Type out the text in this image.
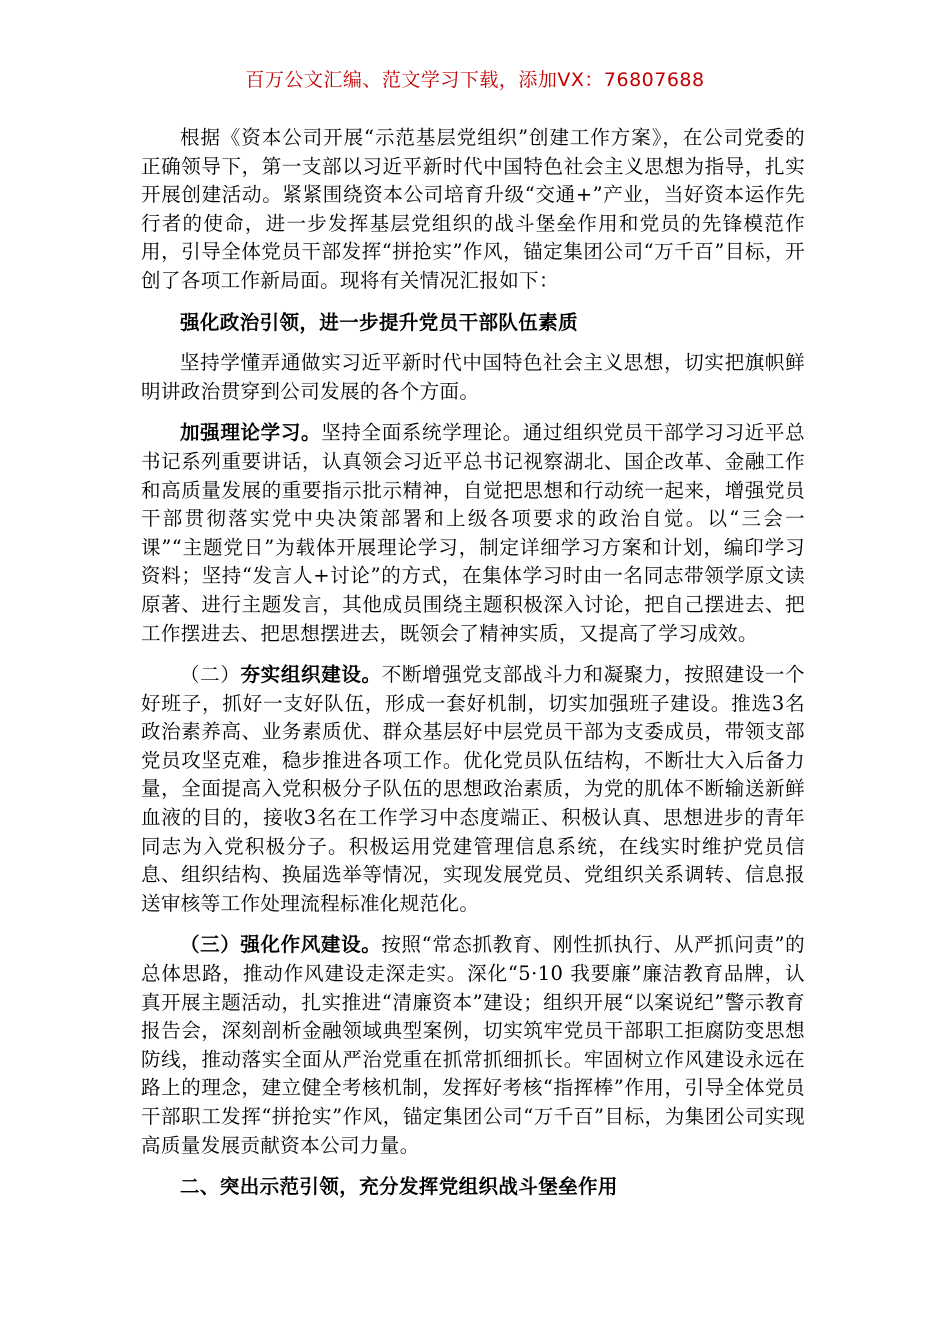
百万公文汇编、范文学习下载，添加VX：76807688

根据《资本公司开展“示范基层党组织”创建工作方案》，在公司党委的正确领导下，第一支部以习近平新时代中国特色社会主义思想为指导，扎实开展创建活动。紧紧围绕资本公司培育升级“交通+”产业，当好资本运作先行者的使命，进一步发挥基层党组织的战斗堡垒作用和党员的先锋模范作用，引导全体党员干部发挥“拼抢实”作风，锚定集团公司“万千百”目标，开创了各项工作新局面。现将有关情况汇报如下：

强化政治引领，进一步提升党员干部队伍素质

坚持学懂弄通做实习近平新时代中国特色社会主义思想，切实把旗帜鲜明讲政治贯穿到公司发展的各个方面。

加强理论学习。坚持全面系统学理论。通过组织党员干部学习习近平总书记系列重要讲话，认真领会习近平总书记视察湖北、国企改革、金融工作和高质量发展的重要指示批示精神，自觉把思想和行动统一起来，增强党员干部贯彻落实党中央决策部署和上级各项要求的政治自觉。以“三会一课”“主题党日”为载体开展理论学习，制定详细学习方案和计划，编印学习资料；坚持“发言人+讨论”的方式，在集体学习时由一名同志带领学原文读原著、进行主题发言，其他成员围绕主题积极深入讨论，把自己摆进去、把工作摆进去、把思想摆进去，既领会了精神实质，又提高了学习成效。

（二）夯实组织建设。不断增强党支部战斗力和凝聚力，按照建设一个好班子，抓好一支好队伍，形成一套好机制，切实加强班子建设。推选3名政治素养高、业务素质优、群众基层好中层党员干部为支委成员，带领支部党员攻坚克难，稳步推进各项工作。优化党员队伍结构，不断壮大入后备力量，全面提高入党积极分子队伍的思想政治素质，为党的肌体不断输送新鲜血液的目的，接收3名在工作学习中态度端正、积极认真、思想进步的青年同志为入党积极分子。积极运用党建管理信息系统，在线实时维护党员信息、组织结构、换届选举等情况，实现发展党员、党组织关系调转、信息报送审核等工作处理流程标准化规范化。

（三）强化作风建设。按照“常态抓教育、刚性抓执行、从严抓问责”的总体思路，推动作风建设走深走实。深化“5·10 我要廉”廉洁教育品牌，认真开展主题活动，扎实推进“清廉资本”建设；组织开展“以案说纪”警示教育报告会，深刻剖析金融领域典型案例，切实筑牢党员干部职工拒腐防变思想防线，推动落实全面从严治党重在抓常抓细抓长。牢固树立作风建设永远在路上的理念，建立健全考核机制，发挥好考核“指挥棒”作用，引导全体党员干部职工发挥“拼抢实”作风，锚定集团公司“万千百”目标，为集团公司实现高质量发展贡献资本公司力量。

二、突出示范引领，充分发挥党组织战斗堡垒作用
